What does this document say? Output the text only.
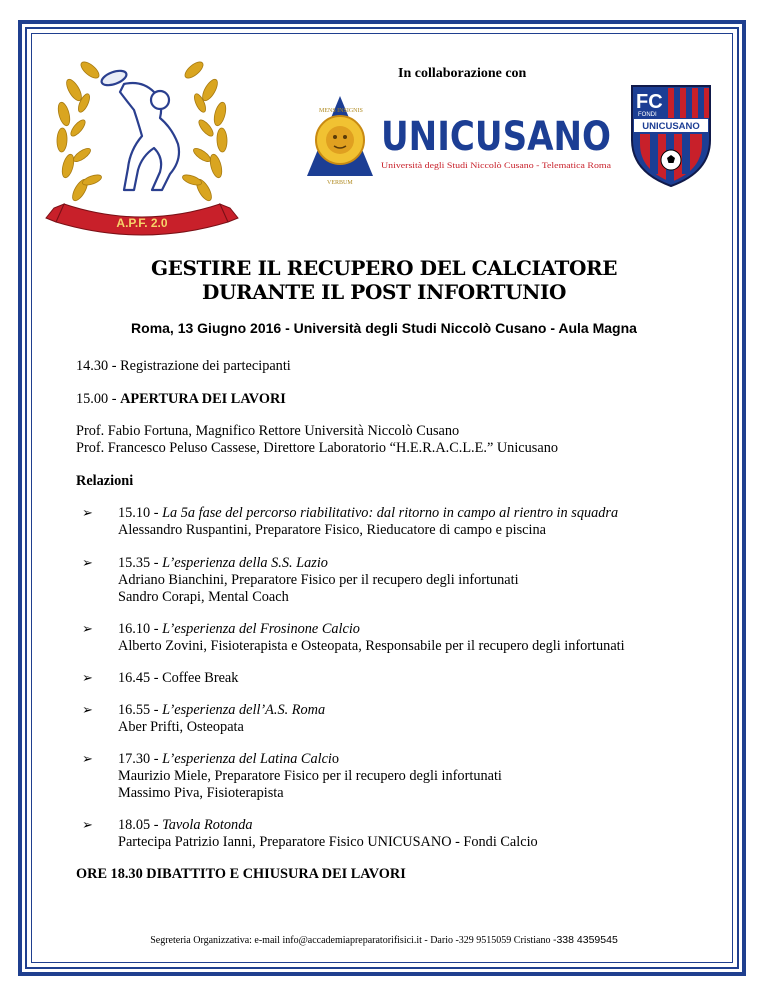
A.P.F. 2.0
In collaborazione con
MENS INSIGNIS
VERBUM
UNICUSANO
Università degli Studi Niccolò Cusano - Telematica Roma
FC
FONDI
UNICUSANO
GESTIRE IL RECUPERO DEL CALCIATORE
DURANTE IL POST INFORTUNIO
Roma, 13 Giugno 2016 - Università degli Studi Niccolò Cusano - Aula Magna
14.30 - Registrazione dei partecipanti
15.00 - APERTURA DEI LAVORI
Prof. Fabio Fortuna, Magnifico Rettore Università Niccolò Cusano
Prof. Francesco Peluso Cassese, Direttore Laboratorio “H.E.R.A.C.L.E.” Unicusano
Relazioni
➢ 15.10 - La 5a fase del percorso riabilitativo: dal ritorno in campo al rientro in squadra
Alessandro Ruspantini, Preparatore Fisico, Rieducatore di campo e piscina
➢ 15.35 - L’esperienza della S.S. Lazio
Adriano Bianchini, Preparatore Fisico per il recupero degli infortunati
Sandro Corapi, Mental Coach
➢ 16.10 - L’esperienza del Frosinone Calcio
Alberto Zovini, Fisioterapista e Osteopata, Responsabile per il recupero degli infortunati
➢ 16.45 - Coffee Break
➢ 16.55 - L’esperienza dell’A.S. Roma
Aber Prifti, Osteopata
➢ 17.30 - L’esperienza del Latina Calcio
Maurizio Miele, Preparatore Fisico per il recupero degli infortunati
Massimo Piva, Fisioterapista
➢ 18.05 - Tavola Rotonda
Partecipa Patrizio Ianni, Preparatore Fisico UNICUSANO - Fondi Calcio
ORE 18.30 DIBATTITO E CHIUSURA DEI LAVORI
Segreteria Organizzativa: e-mail info@accademiapreparatorifisici.it - Dario -329 9515059 Cristiano -338 4359545
